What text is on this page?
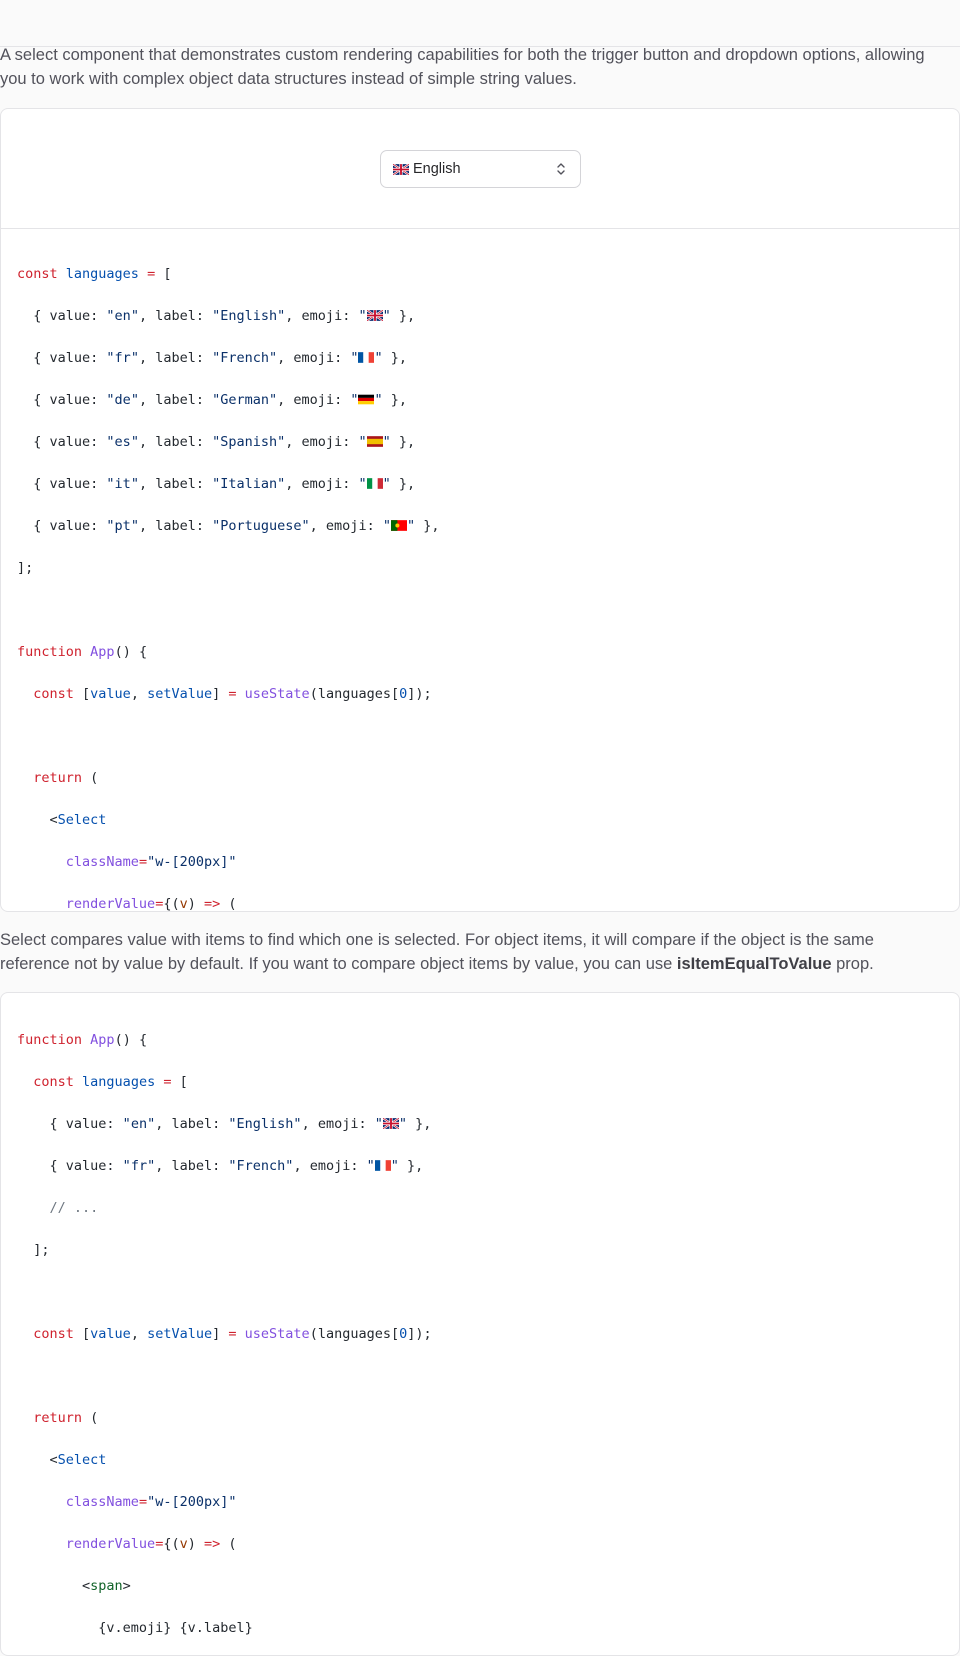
A select component that demonstrates custom rendering capabilities for both the trigger button and dropdown options, allowing you to work with complex object data structures instead of simple string values.

English

const languages = [

{ value: "en", label: "English", emoji: " " },

{ value: "fr", label: "French", emoji: " " },

{ value: "de", label: "German", emoji: " " },

{ value: "es", label: "Spanish", emoji: " " },

{ value: "it", label: "Italian", emoji: " " },

{ value: "pt", label: "Portuguese", emoji: " " },

];

function App() {

const [value, setValue] = useState(languages[0]);

return (

<Select

className="w-[200px]"

renderValue={(v) => (

Select compares value with items to find which one is selected. For object items, it will compare if the object is the same reference not by value by default. If you want to compare object items by value, you can use isItemEqualToValue prop.

function App() {

const languages = [

{ value: "en", label: "English", emoji: " " },

{ value: "fr", label: "French", emoji: " " },

// ...

];

const [value, setValue] = useState(languages[0]);

return (

<Select

className="w-[200px]"

renderValue={(v) => (

<span>

{v.emoji} {v.label}
